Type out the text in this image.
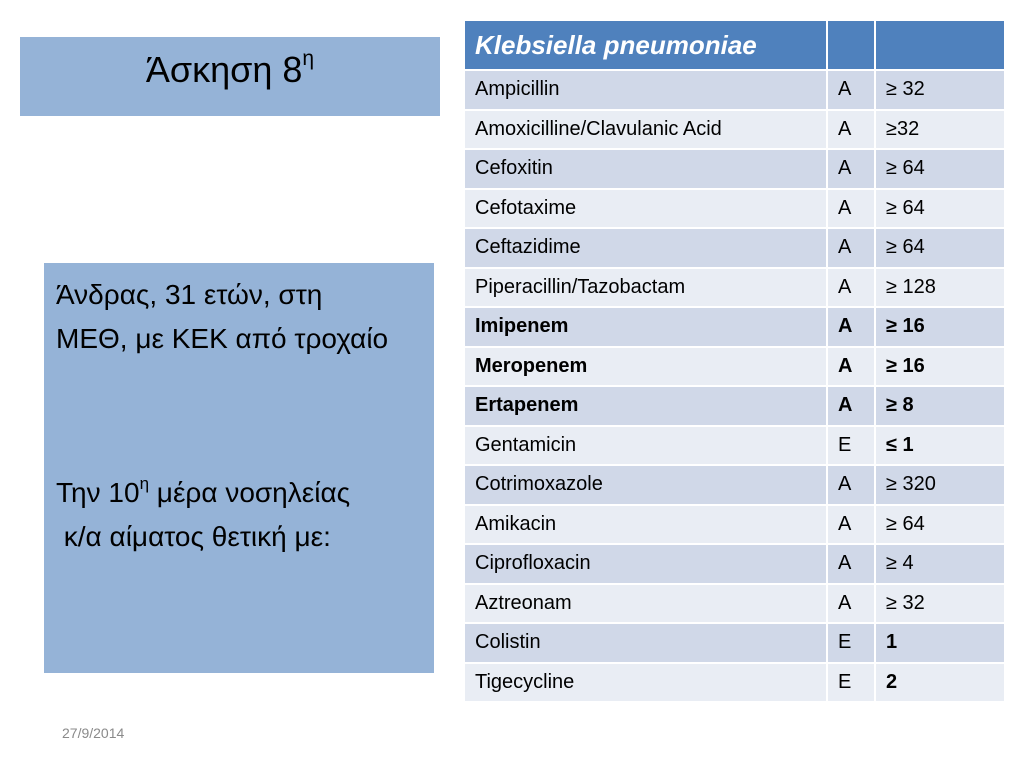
Άσκηση $8^\eta$

Άνδρας, 31 ετών, στη

ΜΕΘ, με ΚΕΚ από τροχαίο

Την $10^\eta$ μέρα νοσηλείας

κ/α αίματος θετική με:

27/9/2014
Klebsiella pneumoniae		
Ampicillin	A	≥ 32
Amoxicilline/Clavulanic Acid	A	≥32
Cefoxitin	A	≥ 64
Cefotaxime	A	≥ 64
Ceftazidime	A	≥ 64
Piperacillin/Tazobactam	A	≥ 128
Imipenem	A	≥ 16
Meropenem	A	≥ 16
Ertapenem	A	≥ 8
Gentamicin	E	≤ 1
Cotrimoxazole	A	≥ 320
Amikacin	A	≥ 64
Ciprofloxacin	A	≥ 4
Aztreonam	A	≥ 32
Colistin	E	1
Tigecycline	E	2
